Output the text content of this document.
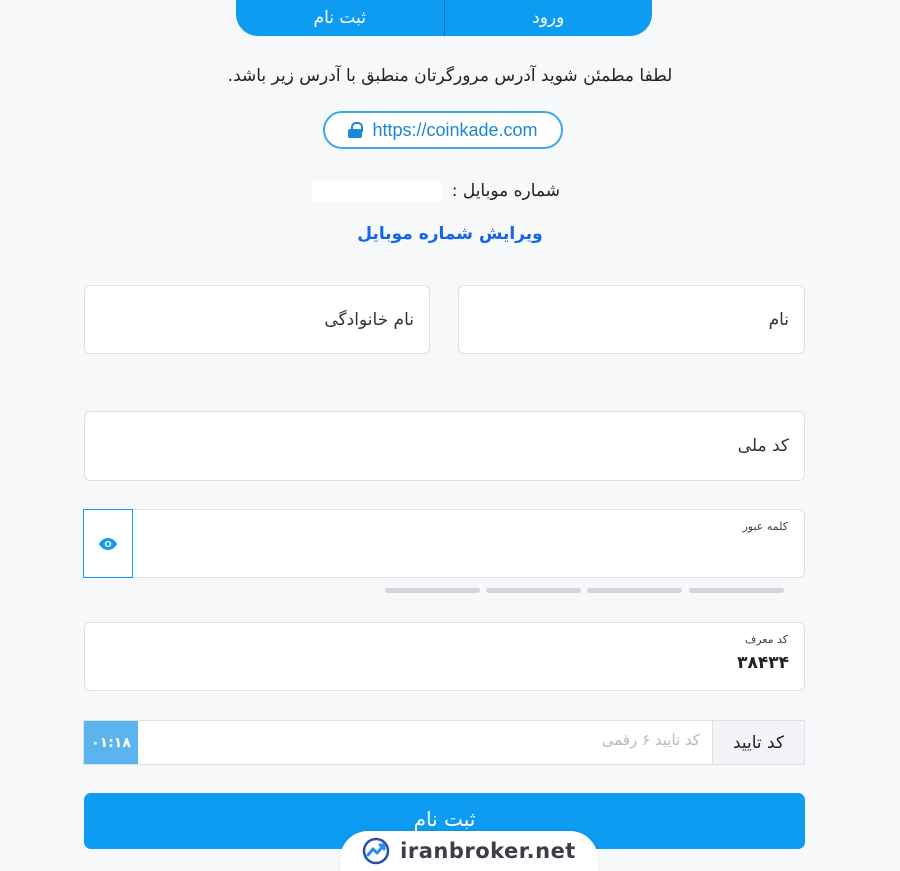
ورود
ثبت نام
لطفا مطمئن شوید آدرس مرورگرتان منطبق با آدرس زیر باشد.
https://coinkade.com
شماره موبایل :
ویرایش شماره موبایل
نام
نام خانوادگی
کد ملی
کلمه عبور
کد معرف
۳۸۴۳۴
۰۱:۱۸
کد تایید ۶ رقمی	کد تایید
ثبت نام
iranbroker.net
